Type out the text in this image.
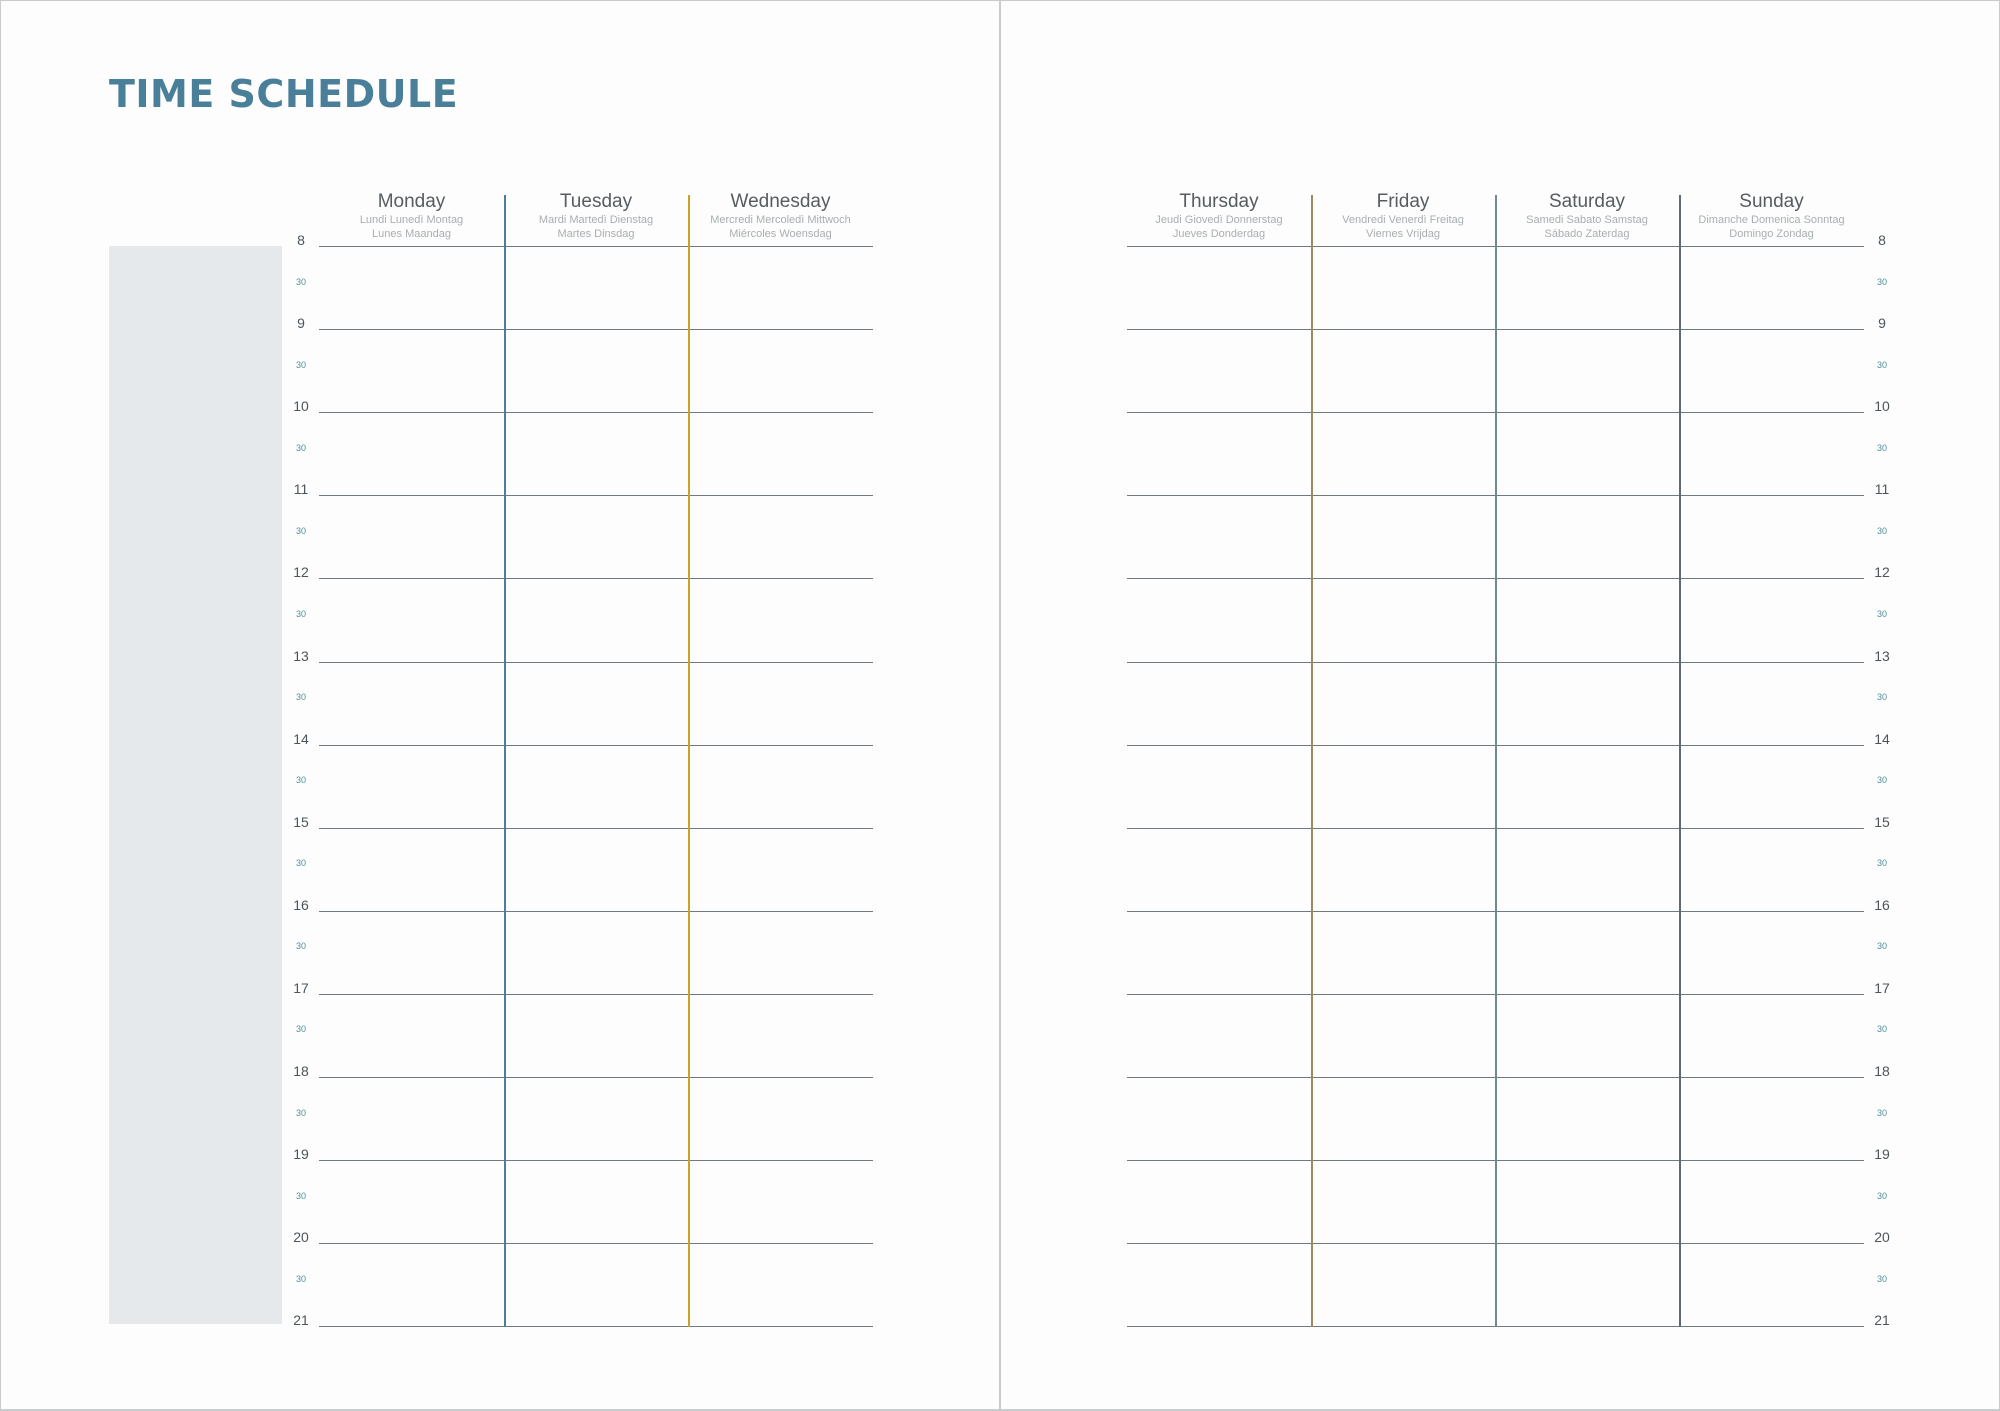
TIME SCHEDULE
Monday
Lundi Lunedì Montag
Lunes Maandag
Tuesday
Mardi Martedì Dienstag
Martes Dinsdag
Wednesday
Mercredi Mercoledì Mittwoch
Miércoles Woensdag
8
30
9
30
10
30
11
30
12
30
13
30
14
30
15
30
16
30
17
30
18
30
19
30
20
30
21
Thursday
Jeudi Giovedì Donnerstag
Jueves Donderdag
Friday
Vendredi Venerdì Freitag
Viernes Vrijdag
Saturday
Samedi Sabato Samstag
Sábado Zaterdag
Sunday
Dimanche Domenica Sonntag
Domingo Zondag	8
30
9
30
10
30
11
30
12
30
13
30
14
30
15
30
16
30
17
30
18
30
19
30
20
30
21
